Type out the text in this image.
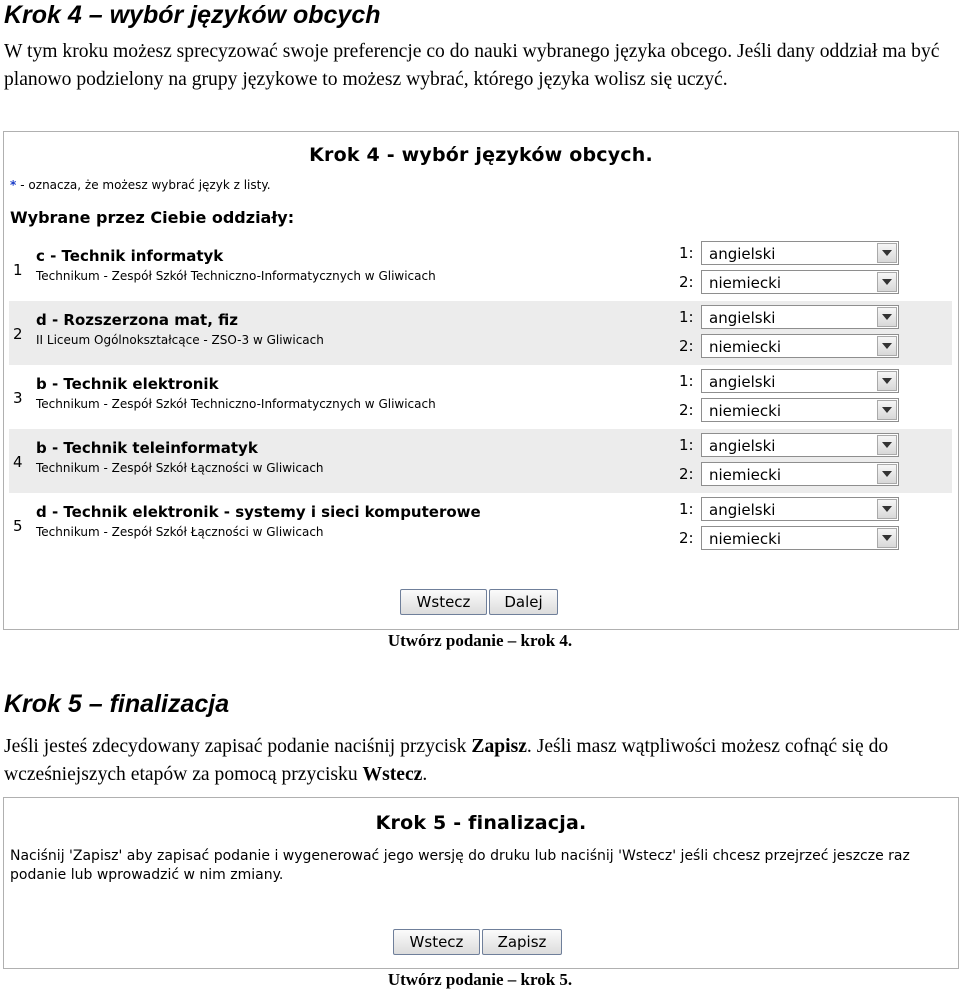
Krok 4 – wybór języków obcych

W tym kroku możesz sprecyzować swoje preferencje co do nauki wybranego języka obcego. Jeśli dany oddział ma być planowo podzielony na grupy językowe to możesz wybrać, którego języka wolisz się uczyć.

Krok 4 - wybór języków obcych.
* - oznacza, że możesz wybrać język z listy.
Wybrane przez Ciebie oddziały:
1
c - Technik informatyk
Technikum - Zespół Szkół Techniczno-Informatycznych w Gliwicach
1: angielski
2: niemiecki
2
d - Rozszerzona mat, fiz
II Liceum Ogólnokształcące - ZSO-3 w Gliwicach
1: angielski
2: niemiecki
3
b - Technik elektronik
Technikum - Zespół Szkół Techniczno-Informatycznych w Gliwicach
1: angielski
2: niemiecki
4
b - Technik teleinformatyk
Technikum - Zespół Szkół Łączności w Gliwicach
1: angielski
2: niemiecki
5
d - Technik elektronik - systemy i sieci komputerowe
Technikum - Zespół Szkół Łączności w Gliwicach
1: angielski
2: niemiecki
Wstecz	Dalej
Utwórz podanie – krok 4.
Krok 5 – finalizacja

Jeśli jesteś zdecydowany zapisać podanie naciśnij przycisk Zapisz. Jeśli masz wątpliwości możesz cofnąć się do wcześniejszych etapów za pomocą przycisku Wstecz.

Krok 5 - finalizacja.
Naciśnij 'Zapisz' aby zapisać podanie i wygenerować jego wersję do druku lub naciśnij 'Wstecz' jeśli chcesz przejrzeć jeszcze raz podanie lub wprowadzić w nim zmiany.
Wstecz	Zapisz
Utwórz podanie – krok 5.
